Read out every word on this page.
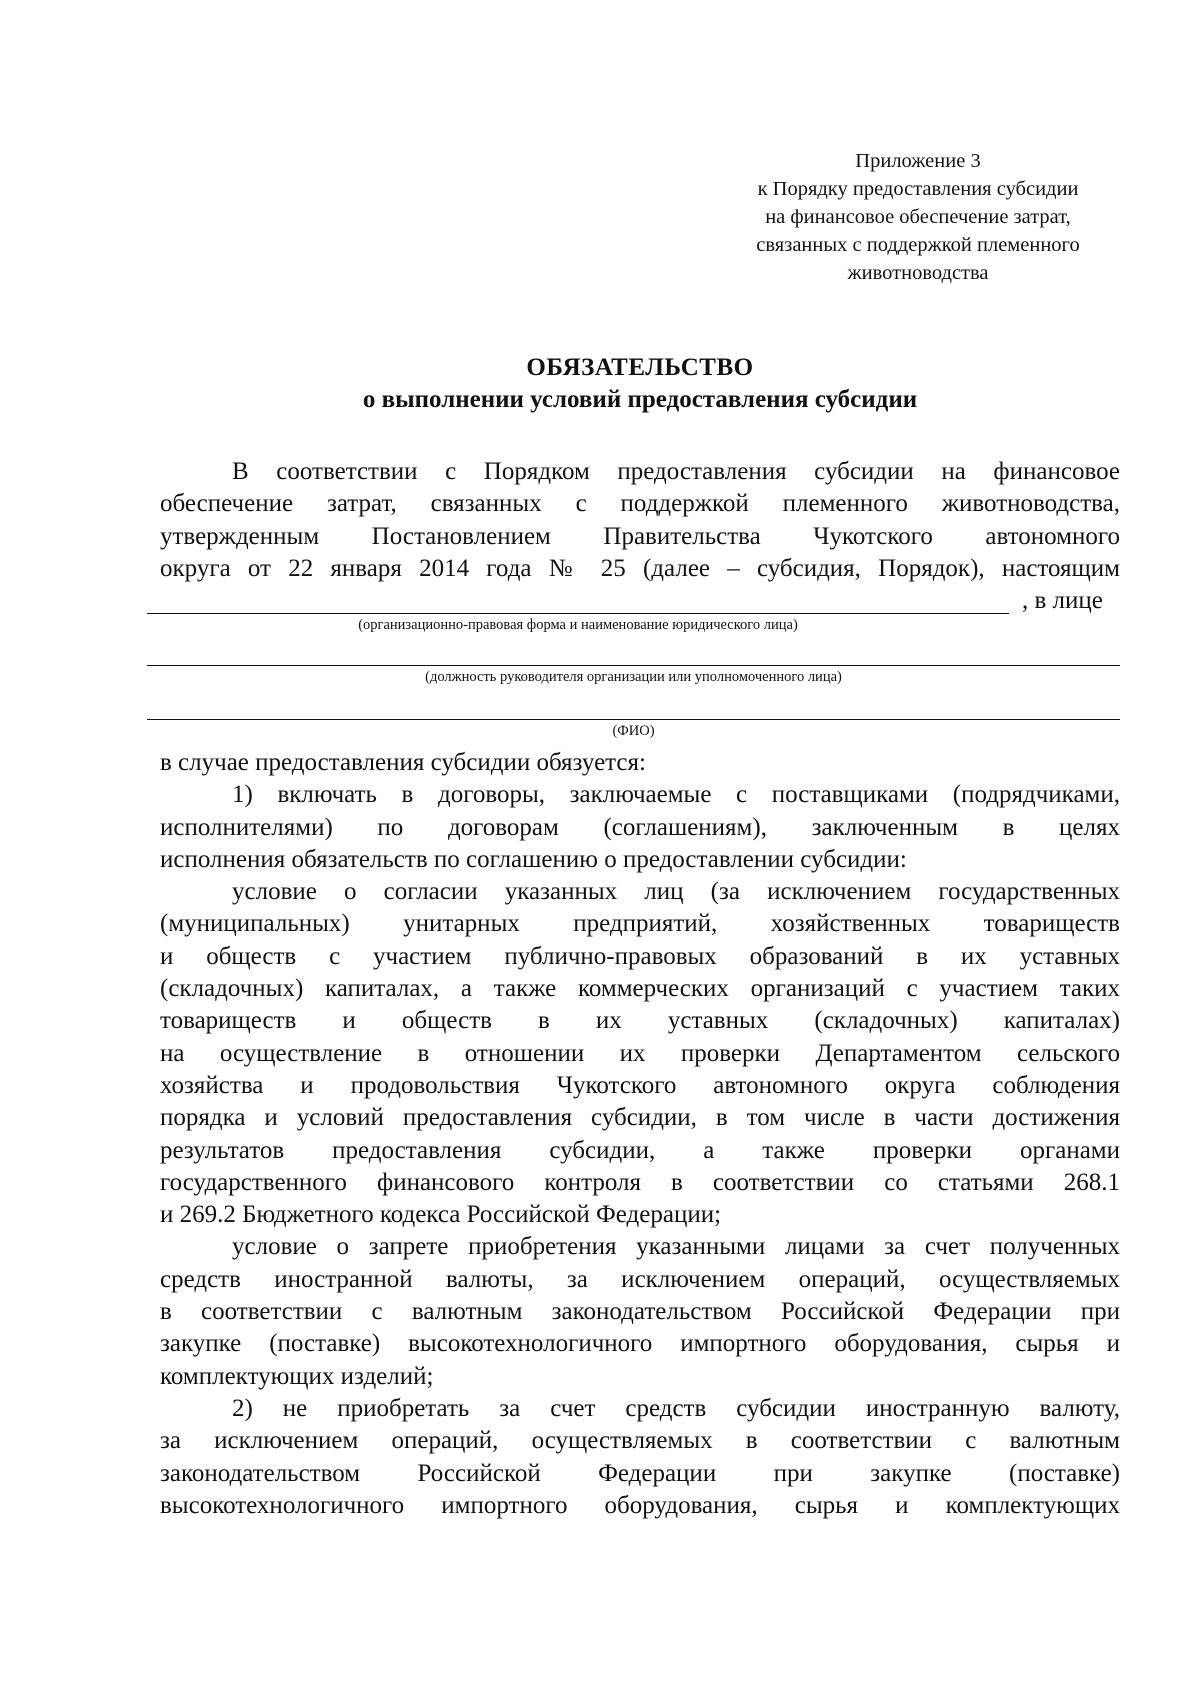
Приложение 3
к Порядку предоставления субсидии
на финансовое обеспечение затрат,
связанных с поддержкой племенного
животноводства
ОБЯЗАТЕЛЬСТВО
о выполнении условий предоставления субсидии
В соответствии с Порядком предоставления субсидии на финансовое
обеспечение затрат, связанных с поддержкой племенного животноводства,
утвержденным Постановлением Правительства Чукотского автономного
округа от 22 января 2014 года № 25 (далее – субсидия, Порядок), настоящим
, в лице
(организационно-правовая форма и наименование юридического лица)
(должность руководителя организации или уполномоченного лица)
(ФИО)
в случае предоставления субсидии обязуется:
1) включать в договоры, заключаемые с поставщиками (подрядчиками,
исполнителями) по договорам (соглашениям), заключенным в целях
исполнения обязательств по соглашению о предоставлении субсидии:
условие о согласии указанных лиц (за исключением государственных
(муниципальных) унитарных предприятий, хозяйственных товариществ
и обществ с участием публично-правовых образований в их уставных
(складочных) капиталах, а также коммерческих организаций с участием таких
товариществ и обществ в их уставных (складочных) капиталах)
на осуществление в отношении их проверки Департаментом сельского
хозяйства и продовольствия Чукотского автономного округа соблюдения
порядка и условий предоставления субсидии, в том числе в части достижения
результатов предоставления субсидии, а также проверки органами
государственного финансового контроля в соответствии со статьями 268.1
и 269.2 Бюджетного кодекса Российской Федерации;
условие о запрете приобретения указанными лицами за счет полученных
средств иностранной валюты, за исключением операций, осуществляемых
в соответствии с валютным законодательством Российской Федерации при
закупке (поставке) высокотехнологичного импортного оборудования, сырья и
комплектующих изделий;
2) не приобретать за счет средств субсидии иностранную валюту,
за исключением операций, осуществляемых в соответствии с валютным
законодательством Российской Федерации при закупке (поставке)
высокотехнологичного импортного оборудования, сырья и комплектующих
